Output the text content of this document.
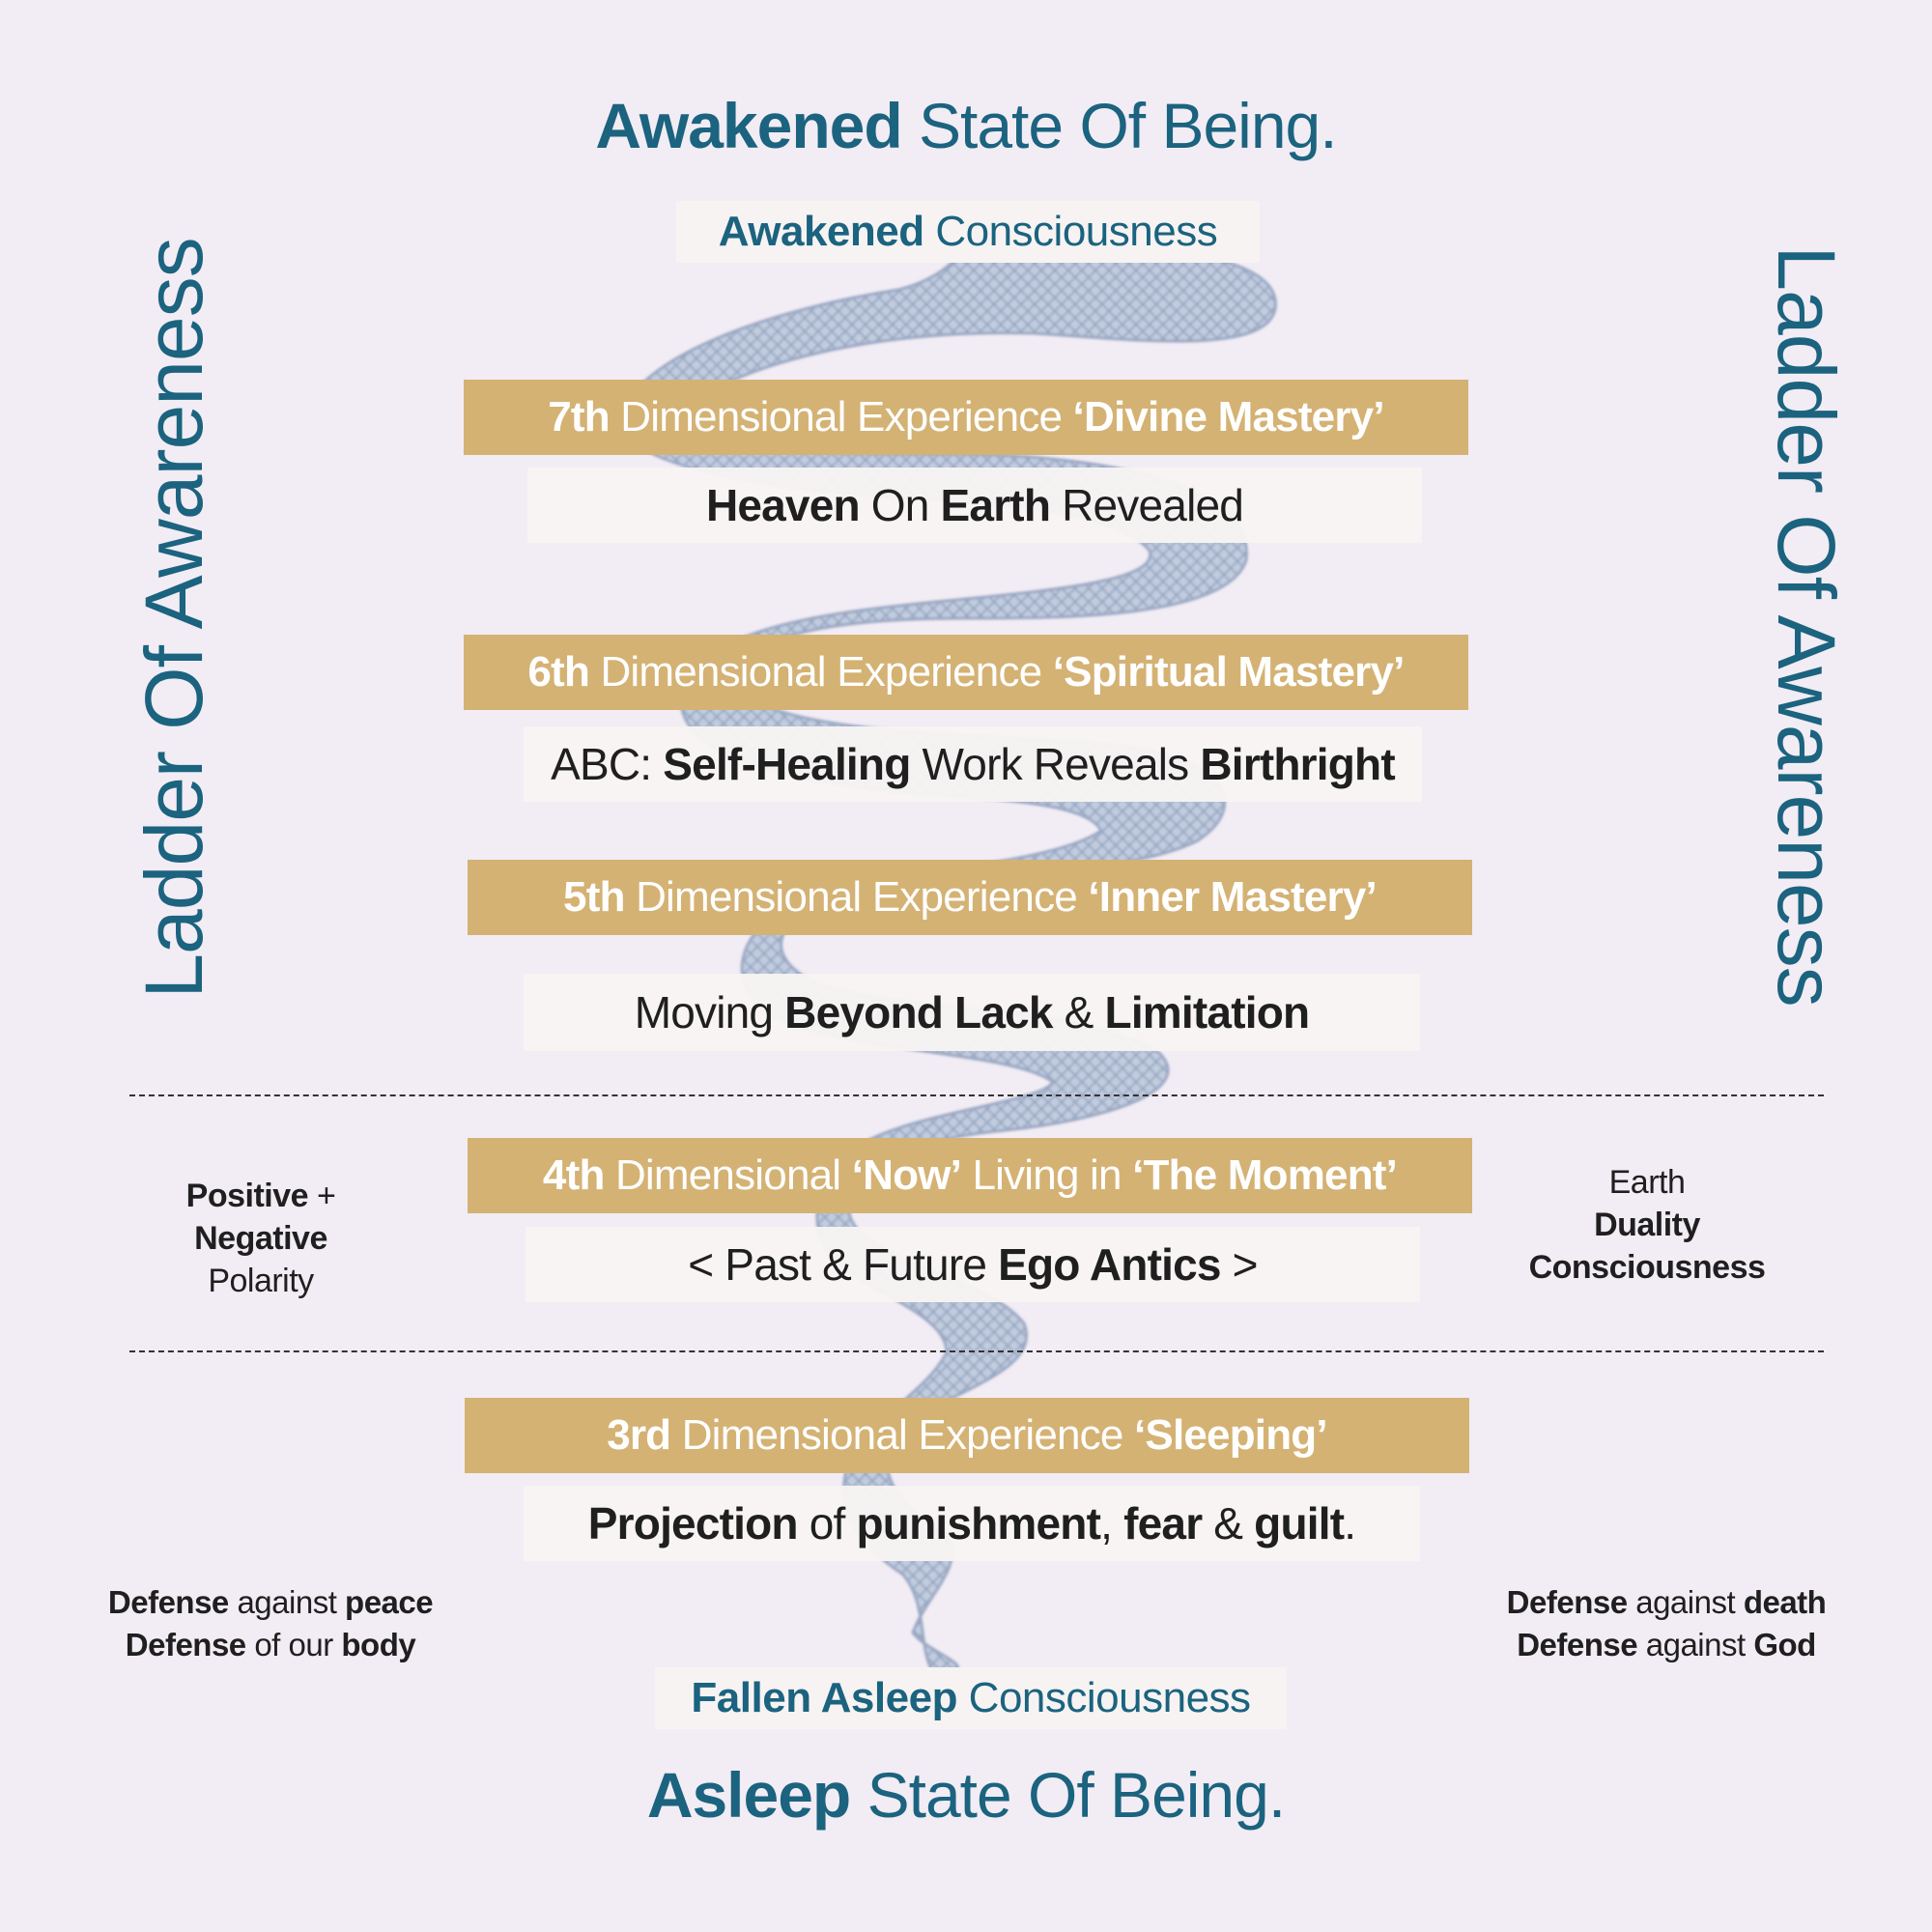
Awakened State Of Being.
Awakened Consciousness
Ladder Of Awareness	Ladder Of Awareness
7th Dimensional Experience ‘Divine Mastery’
Heaven On Earth Revealed
6th Dimensional Experience ‘Spiritual Mastery’
ABC: Self-Healing Work Reveals Birthright
5th Dimensional Experience ‘Inner Mastery’
Moving Beyond Lack & Limitation
4th Dimensional ‘Now’ Living in ‘The Moment’
< Past & Future Ego Antics >
Positive +
Negative
Polarity
Earth
Duality
Consciousness
3rd Dimensional Experience ‘Sleeping’
Projection of punishment, fear & guilt.
Defense against peace
Defense of our body
Defense against death
Defense against God
Fallen Asleep Consciousness
Asleep State Of Being.
